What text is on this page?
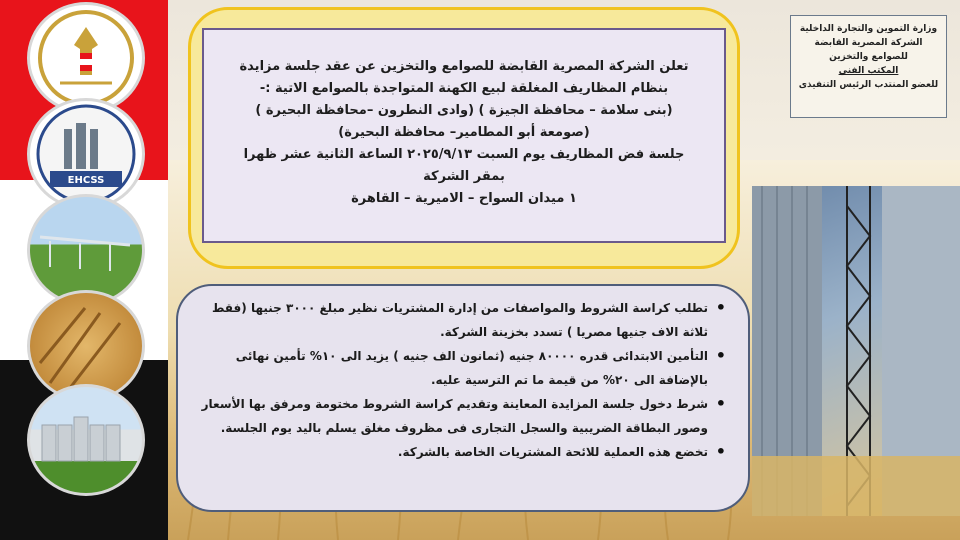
EHCSS
تعلن الشركة المصرية القابضة للصوامع والتخزين عن عقد جلسة مزايدة
بنظام المظاريف المغلقة لبيع الكهنة المتواجدة بالصوامع الاتية :-
(بنى سلامة – محافظة الجيزة ) (وادى النطرون –محافظة البحيرة )
(صومعة أبو المطامير– محافظة البحيرة)
جلسة فض المظاريف يوم السبت ٢٠٢٥/٩/١٣ الساعة الثانية عشر ظهرا
بمقر الشركة
١ ميدان السواح – الاميرية – القاهرة
وزارة التموين والتجارة الداخلية
الشركة المصرية القابضة
للصوامع والتخزين
المكتب الفني
للعضو المنتدب الرئيس التنفيذى
• تطلب كراسة الشروط والمواصفات من إدارة المشتريات نظير مبلغ ٣٠٠٠ جنيها (فقط ثلاثة الاف جنيها مصريا ) تسدد بخزينة الشركة.
• التأمين الابتدائى قدره ٨٠٠٠٠ جنيه (ثمانون الف جنيه ) يزيد الى ١٠% تأمين نهائى بالإضافة الى ٢٠% من قيمة ما تم الترسية عليه.
• شرط دخول جلسة المزايدة المعاينة وتقديم كراسة الشروط مختومة ومرفق بها الأسعار وصور البطاقة الضريبية والسجل التجارى فى مظروف مغلق يسلم باليد يوم الجلسة.
• تخضع هذه العملية للائحة المشتريات الخاصة بالشركة.
